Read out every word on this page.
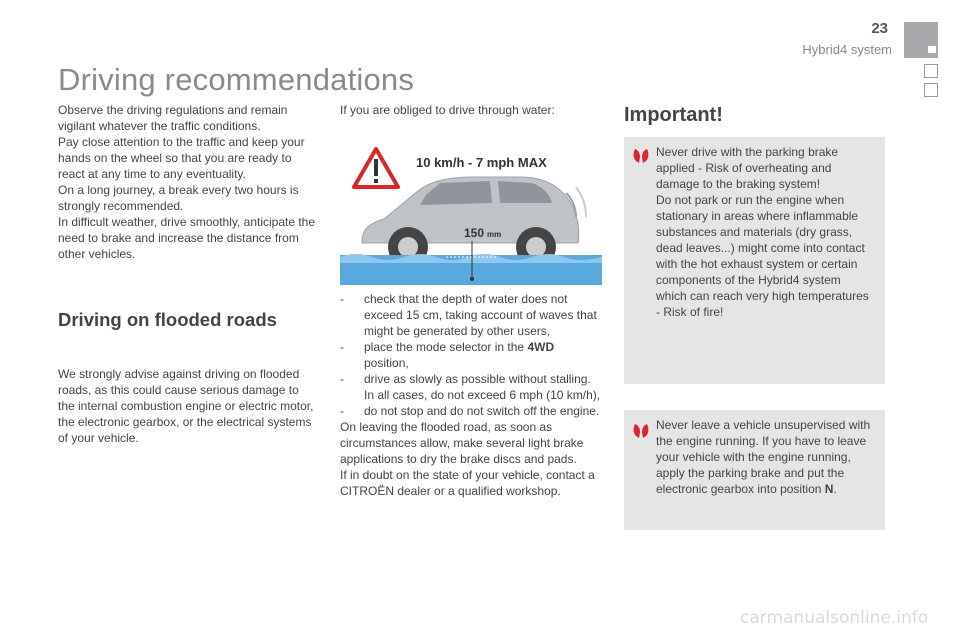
23
Hybrid4 system
Driving recommendations

Observe the driving regulations and remain vigilant whatever the traffic conditions.

Pay close attention to the traffic and keep your hands on the wheel so that you are ready to react at any time to any eventuality.

On a long journey, a break every two hours is strongly recommended.

In difficult weather, drive smoothly, anticipate the need to brake and increase the distance from other vehicles.

Driving on flooded roads

We strongly advise against driving on flooded roads, as this could cause serious damage to the internal combustion engine or electric motor, the electronic gearbox, or the electrical systems of your vehicle.

If you are obliged to drive through water:
10 km/h - 7 mph MAX
150 mm
- check that the depth of water does not exceed 15 cm, taking account of waves that might be generated by other users,
- place the mode selector in the 4WD position,
- drive as slowly as possible without stalling. In all cases, do not exceed 6 mph (10 km/h),
- do not stop and do not switch off the engine.

On leaving the flooded road, as soon as circumstances allow, make several light brake applications to dry the brake discs and pads.

If in doubt on the state of your vehicle, contact a CITROËN dealer or a qualified workshop.

Important!

Never drive with the parking brake applied - Risk of overheating and damage to the braking system!

Do not park or run the engine when stationary in areas where inflammable substances and materials (dry grass, dead leaves...) might come into contact with the hot exhaust system or certain components of the Hybrid4 system which can reach very high temperatures - Risk of fire!

Never leave a vehicle unsupervised with the engine running. If you have to leave your vehicle with the engine running, apply the parking brake and put the electronic gearbox into position N.

carmanualsonline.info
